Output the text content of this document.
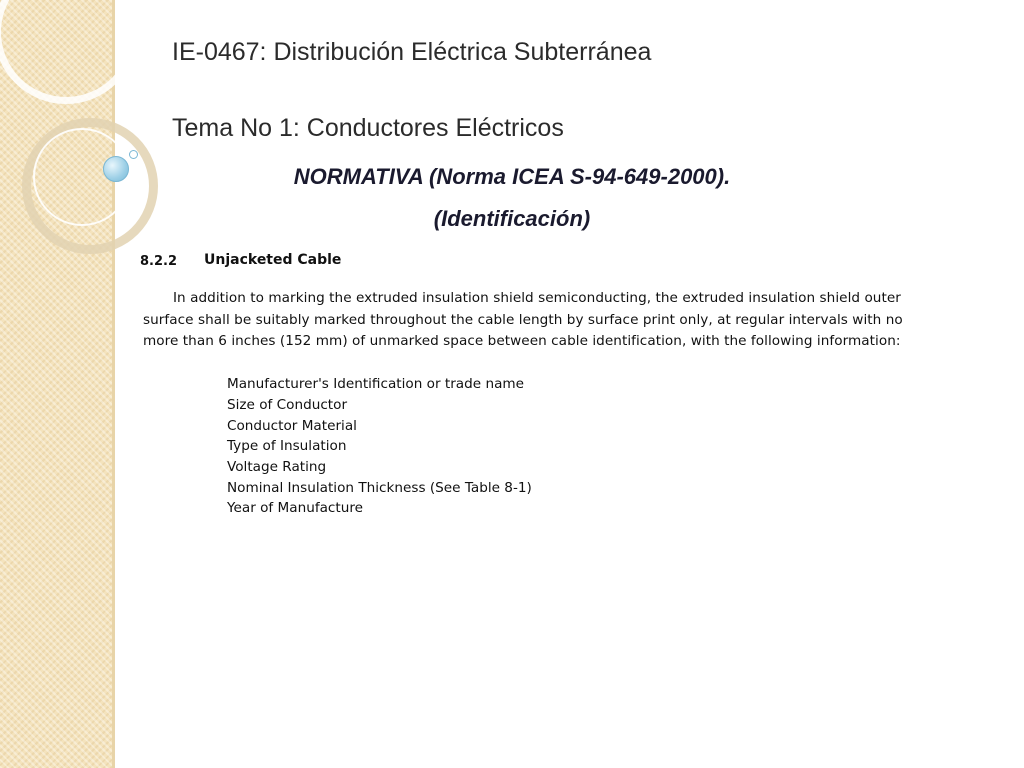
IE-0467: Distribución Eléctrica Subterránea
Tema No 1: Conductores Eléctricos
NORMATIVA (Norma ICEA S-94-649-2000).
(Identificación)
8.2.2 Unjacketed Cable
In addition to marking the extruded insulation shield semiconducting, the extruded insulation shield outer
surface shall be suitably marked throughout the cable length by surface print only, at regular intervals with no
more than 6 inches (152 mm) of unmarked space between cable identification, with the following information:
Manufacturer's Identification or trade name
Size of Conductor
Conductor Material
Type of Insulation
Voltage Rating
Nominal Insulation Thickness (See Table 8-1)
Year of Manufacture
